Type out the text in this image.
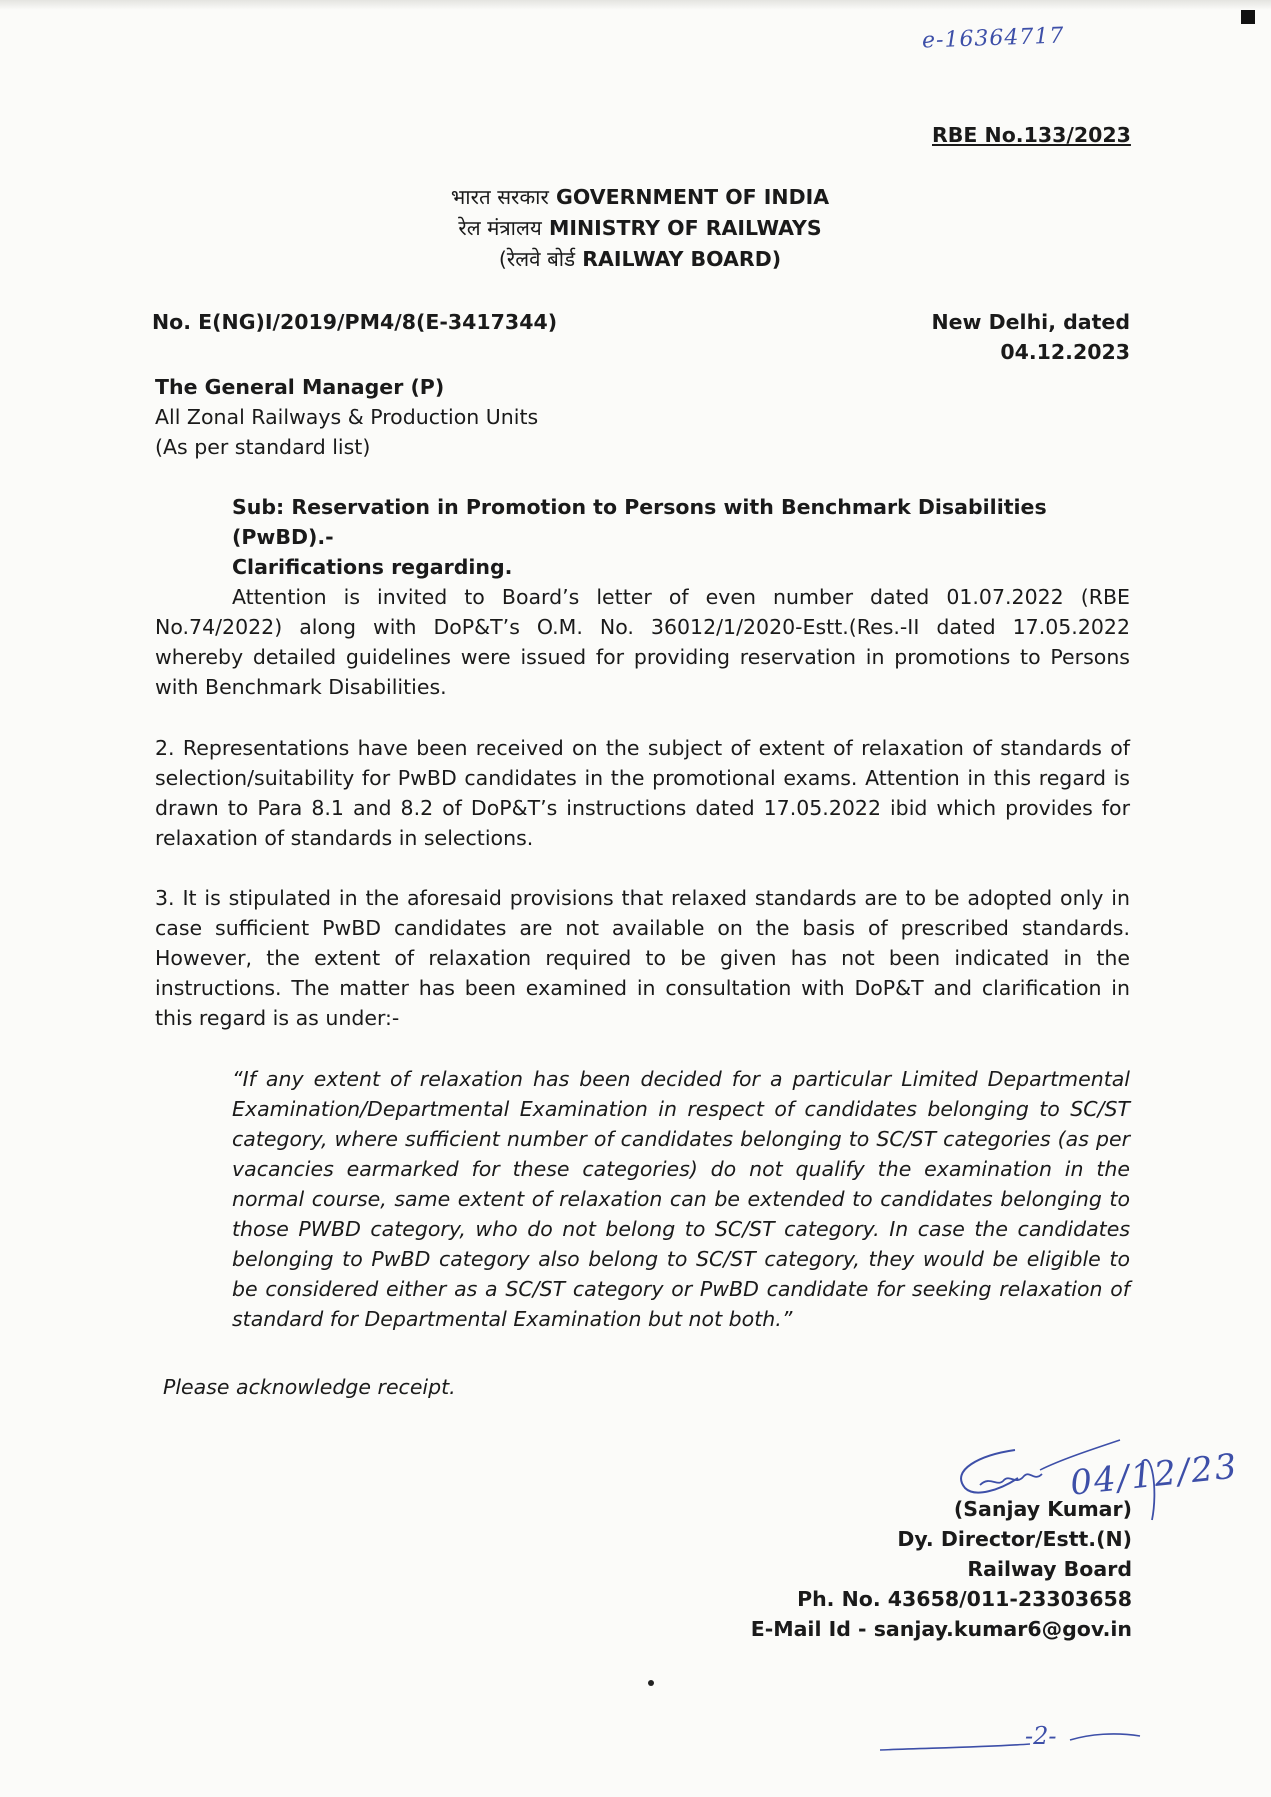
e-16364717
RBE No.133/2023
भारत सरकार GOVERNMENT OF INDIA
रेल मंत्रालय MINISTRY OF RAILWAYS
(रेलवे बोर्ड RAILWAY BOARD)
No. E(NG)I/2019/PM4/8(E-3417344)	New Delhi, dated 04.12.2023
The General Manager (P)
All Zonal Railways & Production Units
(As per standard list)
Sub: Reservation in Promotion to Persons with Benchmark Disabilities (PwBD).-
Clarifications regarding.
Attention is invited to Board’s letter of even number dated 01.07.2022 (RBE No.74/2022) along with DoP&T’s O.M. No. 36012/1/2020-Estt.(Res.-II dated 17.05.2022 whereby detailed guidelines were issued for providing reservation in promotions to Persons with Benchmark Disabilities.
2. Representations have been received on the subject of extent of relaxation of standards of selection/suitability for PwBD candidates in the promotional exams. Attention in this regard is drawn to Para 8.1 and 8.2 of DoP&T’s instructions dated 17.05.2022 ibid which provides for relaxation of standards in selections.
3. It is stipulated in the aforesaid provisions that relaxed standards are to be adopted only in case sufficient PwBD candidates are not available on the basis of prescribed standards. However, the extent of relaxation required to be given has not been indicated in the instructions. The matter has been examined in consultation with DoP&T and clarification in this regard is as under:-
“If any extent of relaxation has been decided for a particular Limited Departmental Examination/Departmental Examination in respect of candidates belonging to SC/ST category, where sufficient number of candidates belonging to SC/ST categories (as per vacancies earmarked for these categories) do not qualify the examination in the normal course, same extent of relaxation can be extended to candidates belonging to those PWBD category, who do not belong to SC/ST category. In case the candidates belonging to PwBD category also belong to SC/ST category, they would be eligible to be considered either as a SC/ST category or PwBD candidate for seeking relaxation of standard for Departmental Examination but not both.”
Please acknowledge receipt.
04/12/23
(Sanjay Kumar)
Dy. Director/Estt.(N)
Railway Board
Ph. No. 43658/011-23303658
E-Mail Id - sanjay.kumar6@gov.in
-2-
